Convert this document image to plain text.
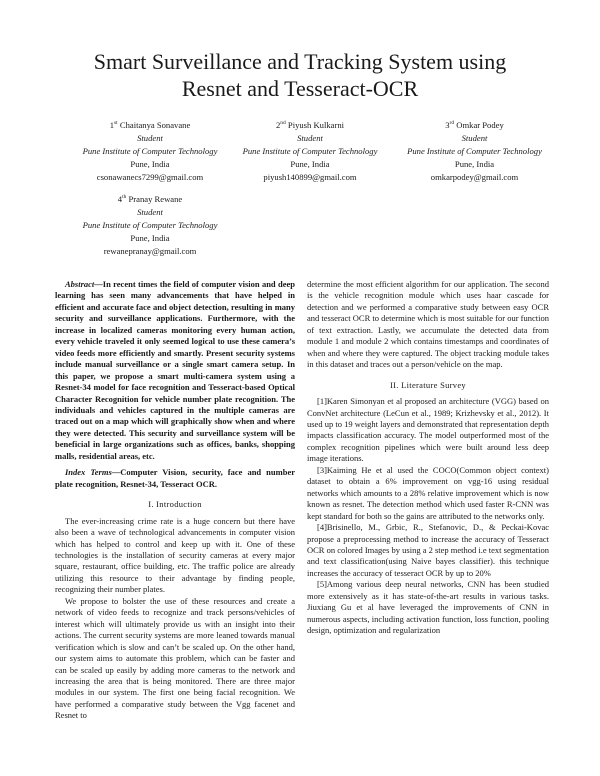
Smart Surveillance and Tracking System using
Resnet and Tesseract-OCR
1st Chaitanya Sonavane
Student
Pune Institute of Computer Technology
Pune, India
csonawanecs7299@gmail.com
2nd Piyush Kulkarni
Student
Pune Institute of Computer Technology
Pune, India
piyush140899@gmail.com
3rd Omkar Podey
Student
Pune Institute of Computer Technology
Pune, India
omkarpodey@gmail.com
4th Pranay Rewane
Student
Pune Institute of Computer Technology
Pune, India
rewanepranay@gmail.com

Abstract—In recent times the field of computer vision and deep learning has seen many advancements that have helped in efficient and accurate face and object detection, resulting in many security and surveillance applications. Furthermore, with the increase in localized cameras monitoring every human action, every vehicle traveled it only seemed logical to use these camera’s video feeds more efficiently and smartly. Present security systems include manual surveillance or a single smart camera setup. In this paper, we propose a smart multi-camera system using a Resnet-34 model for face recognition and Tesseract-based Optical Character Recognition for vehicle number plate recognition. The individuals and vehicles captured in the multiple cameras are traced out on a map which will graphically show when and where they were detected. This security and surveillance system will be beneficial in large organizations such as offices, banks, shopping malls, residential areas, etc.

Index Terms—Computer Vision, security, face and number plate recognition, Resnet-34, Tesseract OCR.

I. Introduction

The ever-increasing crime rate is a huge concern but there have also been a wave of technological advancements in computer vision which has helped to control and keep up with it. One of these technologies is the installation of security cameras at every major square, restaurant, office building, etc. The traffic police are already utilizing this resource to their advantage by finding people, recognizing their number plates.

We propose to bolster the use of these resources and create a network of video feeds to recognize and track persons/vehicles of interest which will ultimately provide us with an insight into their actions. The current security systems are more leaned towards manual verification which is slow and can’t be scaled up. On the other hand, our system aims to automate this problem, which can be faster and can be scaled up easily by adding more cameras to the network and increasing the area that is being monitored. There are three major modules in our system. The first one being facial recognition. We have performed a comparative study between the Vgg facenet and Resnet to

determine the most efficient algorithm for our application. The second is the vehicle recognition module which uses haar cascade for detection and we performed a comparative study between easy OCR and tesseract OCR to determine which is most suitable for our function of text extraction. Lastly, we accumulate the detected data from module 1 and module 2 which contains timestamps and coordinates of when and where they were captured. The object tracking module takes in this dataset and traces out a person/vehicle on the map.

II. Literature Survey

[1]Karen Simonyan et al proposed an architecture (VGG) based on ConvNet architecture (LeCun et al., 1989; Krizhevsky et al., 2012). It used up to 19 weight layers and demonstrated that representation depth impacts classification accuracy. The model outperformed most of the complex recognition pipelines which were built around less deep image iterations.

[3]Kaiming He et al used the COCO(Common object context) dataset to obtain a 6% improvement on vgg-16 using residual networks which amounts to a 28% relative improvement which is now known as resnet. The detection method which used faster R-CNN was kept standard for both so the gains are attributed to the networks only.

[4]Brisinello, M., Grbic, R., Stefanovic, D., & Peckai-Kovac propose a preprocessing method to increase the accuracy of Tesseract OCR on colored Images by using a 2 step method i.e text segmentation and text classification(using Naive bayes classifier). this technique increases the accuracy of tesseract OCR by up to 20%

[5]Among various deep neural networks, CNN has been studied more extensively as it has state-of-the-art results in various tasks. Jiuxiang Gu et al have leveraged the improvements of CNN in numerous aspects, including activation function, loss function, pooling design, optimization and regularization
